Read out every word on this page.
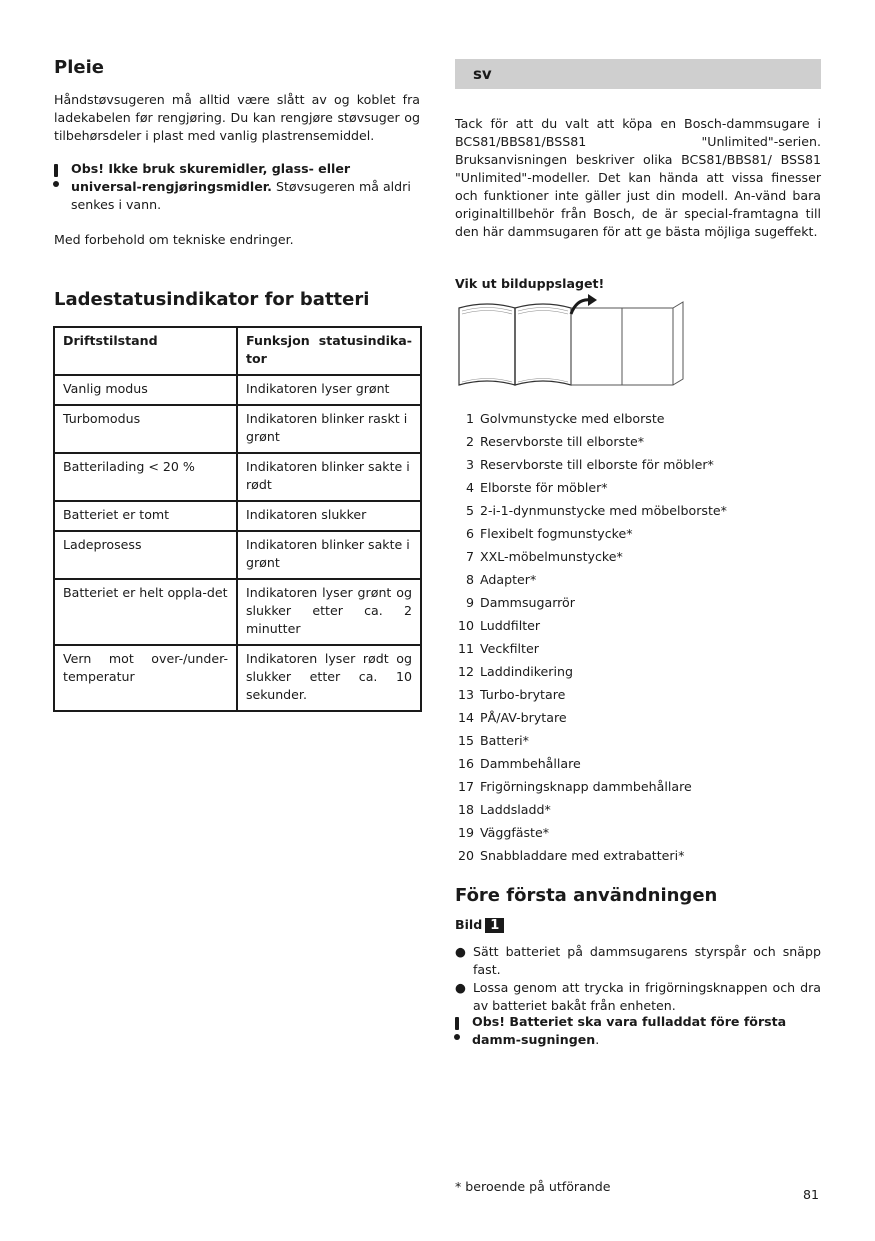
Pleie

Håndstøvsugeren må alltid være slått av og koblet fra ladekabelen før rengjøring. Du kan rengjøre støvsuger og tilbehørsdeler i plast med vanlig plastrensemiddel.

Obs! Ikke bruk skuremidler, glass- eller universal-rengjøringsmidler. Støvsugeren må aldri senkes i vann.

Med forbehold om tekniske endringer.

Ladestatusindikator for batteri
Driftstilstand	Funksjon statusindika-tor
Vanlig modus	Indikatoren lyser grønt
Turbomodus	Indikatoren blinker raskt i grønt
Batterilading < 20 %	Indikatoren blinker sakte i rødt
Batteriet er tomt	Indikatoren slukker
Ladeprosess	Indikatoren blinker sakte i grønt
Batteriet er helt oppla-det	Indikatoren lyser grønt og slukker etter ca. 2 minutter
Vern mot over-/under-temperatur	Indikatoren lyser rødt og slukker etter ca. 10 sekunder.
sv

Tack för att du valt att köpa en Bosch-dammsugare i BCS81/BBS81/BSS81 "Unlimited"-serien. Bruksanvisningen beskriver olika BCS81/BBS81/ BSS81 "Unlimited"-modeller. Det kan hända att vissa finesser och funktioner inte gäller just din modell. An-vänd bara originaltillbehör från Bosch, de är special-framtagna till den här dammsugaren för att ge bästa möjliga sugeffekt.

Vik ut bilduppslaget!

1 Golvmunstycke med elborste
2 Reservborste till elborste*
3 Reservborste till elborste för möbler*
4 Elborste för möbler*
5 2-i-1-dynmunstycke med möbelborste*
6 Flexibelt fogmunstycke*
7 XXL-möbelmunstycke*
8 Adapter*
9 Dammsugarrör
10 Luddfilter
11 Veckfilter
12 Laddindikering
13 Turbo-brytare
14 PÅ/AV-brytare
15 Batteri*
16 Dammbehållare
17 Frigörningsknapp dammbehållare
18 Laddsladd*
19 Väggfäste*
20 Snabbladdare med extrabatteri*
Före första användningen
Bild 1
● Sätt batteriet på dammsugarens styrspår och snäpp fast.
● Lossa genom att trycka in frigörningsknappen och dra av batteriet bakåt från enheten.

Obs! Batteriet ska vara fulladdat före första damm-sugningen.

* beroende på utförande

81
